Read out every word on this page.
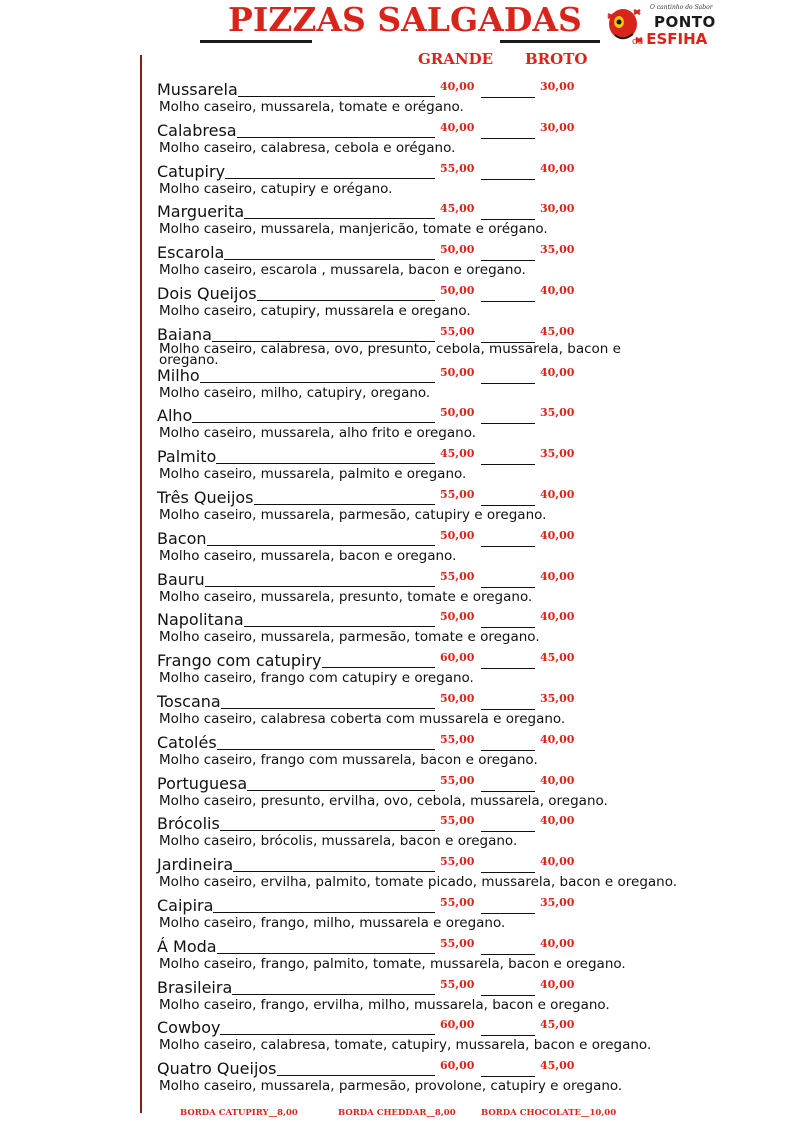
PIZZAS SALGADAS	O cantinho do Sabor
PONTO
da ESFIHA
GRANDE BROTO
Mussarela	40,00	30,00
Molho caseiro, mussarela, tomate e orégano.
Calabresa	40,00	30,00
Molho caseiro, calabresa, cebola e orégano.
Catupiry	55,00	40,00
Molho caseiro, catupiry e orégano.
Marguerita	45,00	30,00
Molho caseiro, mussarela, manjericão, tomate e orégano.
Escarola	50,00	35,00
Molho caseiro, escarola , mussarela, bacon e oregano.
Dois Queijos	50,00	40,00
Molho caseiro, catupiry, mussarela e oregano.
Baiana	55,00	45,00
Molho caseiro, calabresa, ovo, presunto, cebola, mussarela, bacon e oregano.
Milho	50,00	40,00
Molho caseiro, milho, catupiry, oregano.
Alho	50,00	35,00
Molho caseiro, mussarela, alho frito e oregano.
Palmito	45,00	35,00
Molho caseiro, mussarela, palmito e oregano.
Três Queijos	55,00	40,00
Molho caseiro, mussarela, parmesão, catupiry e oregano.
Bacon	50,00	40,00
Molho caseiro, mussarela, bacon e oregano.
Bauru	55,00	40,00
Molho caseiro, mussarela, presunto, tomate e oregano.
Napolitana	50,00	40,00
Molho caseiro, mussarela, parmesão, tomate e oregano.
Frango com catupiry	60,00	45,00
Molho caseiro, frango com catupiry e oregano.
Toscana	50,00	35,00
Molho caseiro, calabresa coberta com mussarela e oregano.
Catolés	55,00	40,00
Molho caseiro, frango com mussarela, bacon e oregano.
Portuguesa	55,00	40,00
Molho caseiro, presunto, ervilha, ovo, cebola, mussarela, oregano.
Brócolis	55,00	40,00
Molho caseiro, brócolis, mussarela, bacon e oregano.
Jardineira	55,00	40,00
Molho caseiro, ervilha, palmito, tomate picado, mussarela, bacon e oregano.
Caipira	55,00	35,00
Molho caseiro, frango, milho, mussarela e oregano.
Á Moda	55,00	40,00
Molho caseiro, frango, palmito, tomate, mussarela, bacon e oregano.
Brasileira	55,00	40,00
Molho caseiro, frango, ervilha, milho, mussarela, bacon e oregano.
Cowboy	60,00	45,00
Molho caseiro, calabresa, tomate, catupiry, mussarela, bacon e oregano.
Quatro Queijos	60,00	45,00
Molho caseiro, mussarela, parmesão, provolone, catupiry e oregano.
BORDA CATUPIRY__8,00	BORDA CHEDDAR__8,00	BORDA CHOCOLATE__10,00
